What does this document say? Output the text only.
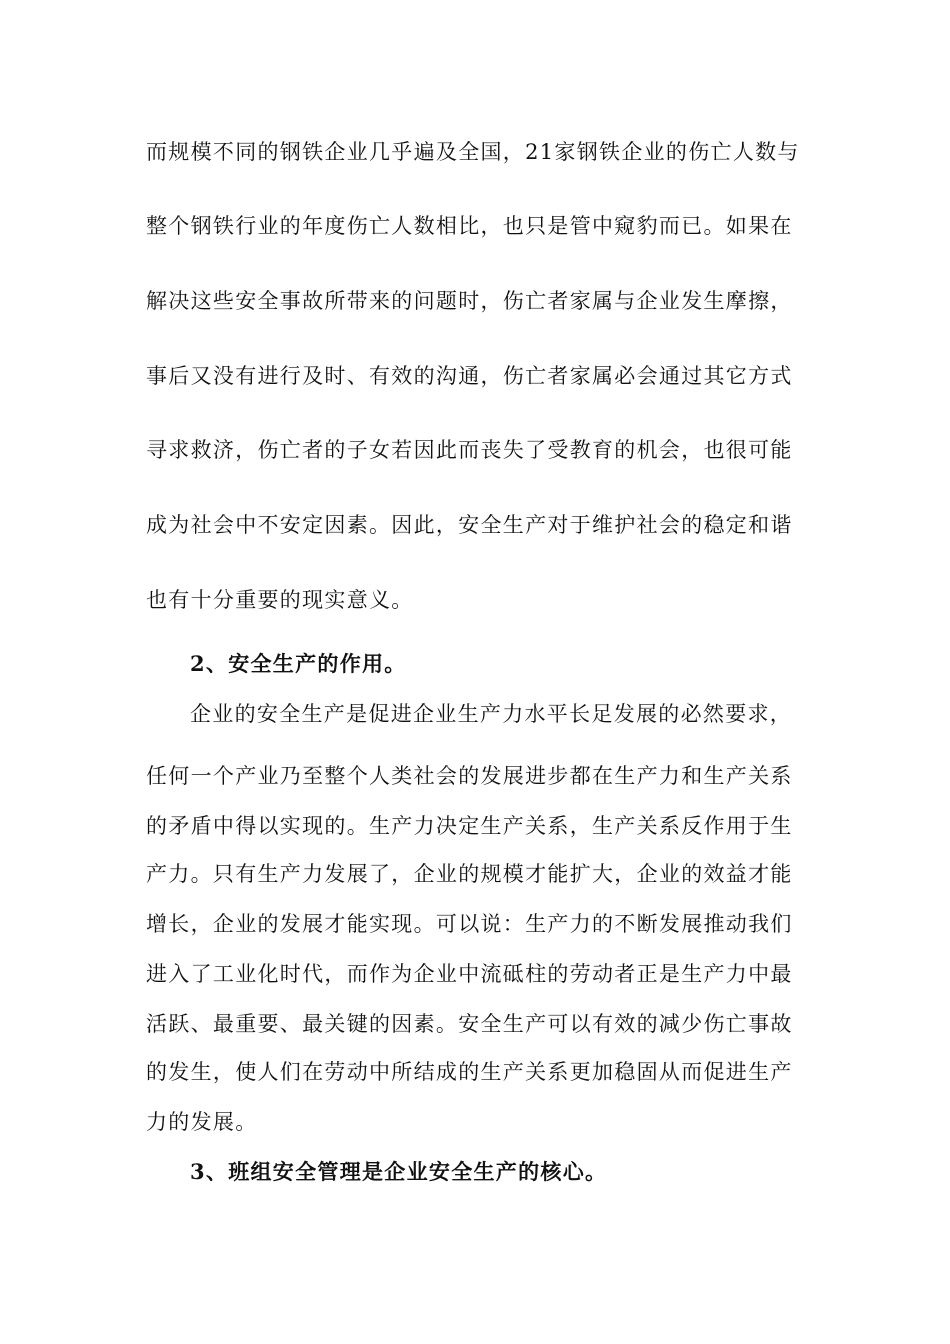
而规模不同的钢铁企业几乎遍及全国，21家钢铁企业的伤亡人数与
整个钢铁行业的年度伤亡人数相比，也只是管中窥豹而已。如果在
解决这些安全事故所带来的问题时，伤亡者家属与企业发生摩擦，
事后又没有进行及时、有效的沟通，伤亡者家属必会通过其它方式
寻求救济，伤亡者的子女若因此而丧失了受教育的机会，也很可能
成为社会中不安定因素。因此，安全生产对于维护社会的稳定和谐
也有十分重要的现实意义。
2、安全生产的作用。
企业的安全生产是促进企业生产力水平长足发展的必然要求，
任何一个产业乃至整个人类社会的发展进步都在生产力和生产关系
的矛盾中得以实现的。生产力决定生产关系，生产关系反作用于生
产力。只有生产力发展了，企业的规模才能扩大，企业的效益才能
增长，企业的发展才能实现。可以说：生产力的不断发展推动我们
进入了工业化时代，而作为企业中流砥柱的劳动者正是生产力中最
活跃、最重要、最关键的因素。安全生产可以有效的减少伤亡事故
的发生，使人们在劳动中所结成的生产关系更加稳固从而促进生产
力的发展。
3、班组安全管理是企业安全生产的核心。
